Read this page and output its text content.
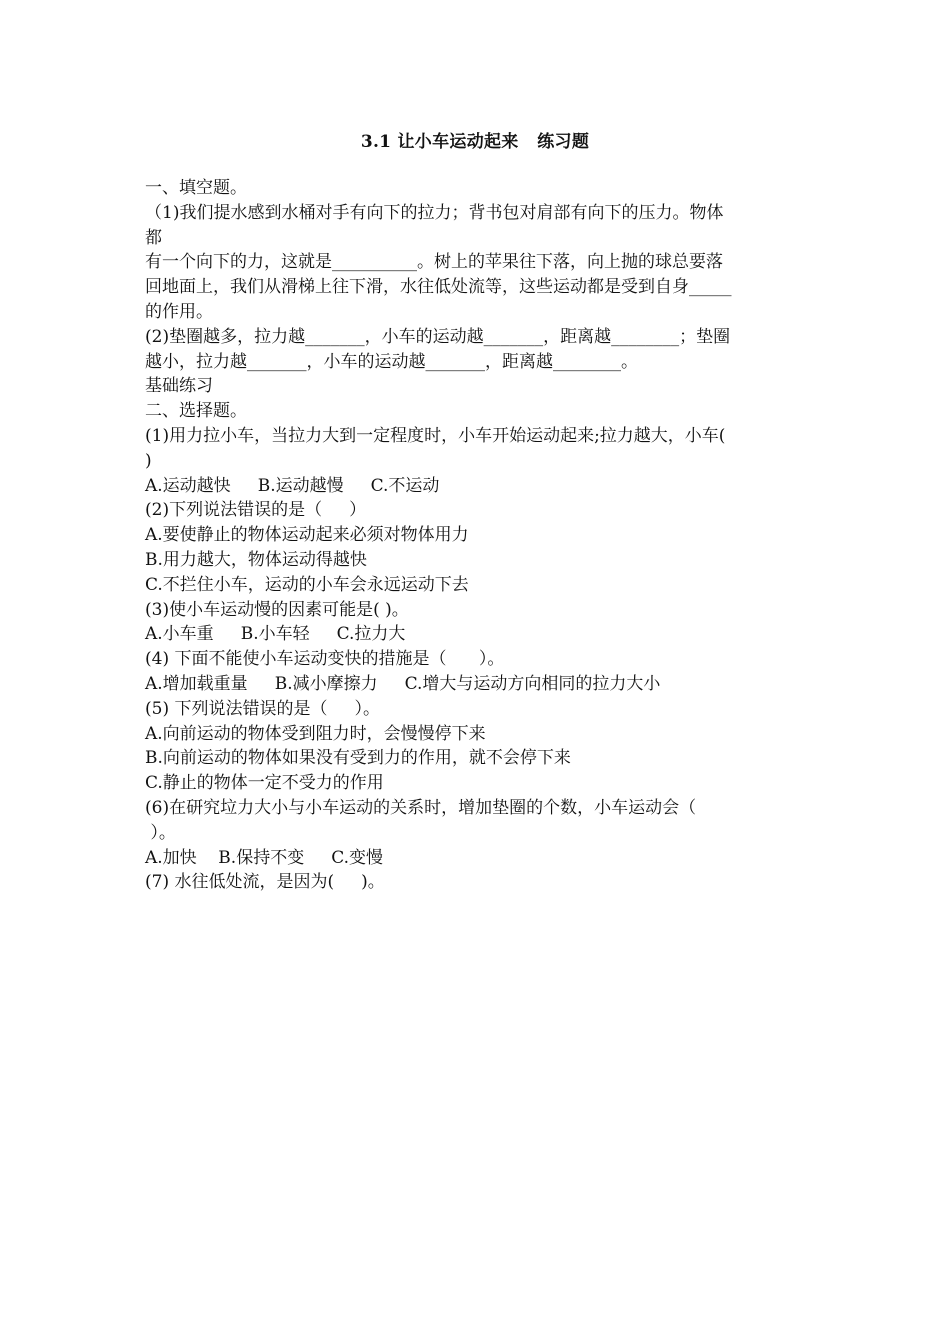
3.1 让小车运动起来   练习题
一、填空题。
（1)我们提水感到水桶对手有向下的拉力；背书包对肩部有向下的压力。物体
都
有一个向下的力，这就是__________。树上的苹果往下落，向上抛的球总要落
回地面上，我们从滑梯上往下滑，水往低处流等，这些运动都是受到自身_____
的作用。
(2)垫圈越多，拉力越_______，小车的运动越_______，距离越________；垫圈
越小，拉力越_______，小车的运动越_______，距离越________。
基础练习
二、选择题。
(1)用力拉小车，当拉力大到一定程度时，小车开始运动起来;拉力越大，小车(
)
A.运动越快     B.运动越慢     C.不运动
(2)下列说法错误的是（     ）
A.要使静止的物体运动起来必须对物体用力
B.用力越大，物体运动得越快
C.不拦住小车，运动的小车会永远运动下去
(3)使小车运动慢的因素可能是( )。
A.小车重     B.小车轻     C.拉力大
(4) 下面不能使小车运动变快的措施是（      ）。
A.增加载重量     B.减小摩擦力     C.增大与运动方向相同的拉力大小
(5) 下列说法错误的是（     ）。
A.向前运动的物体受到阻力时，会慢慢停下来
B.向前运动的物体如果没有受到力的作用，就不会停下来
C.静止的物体一定不受力的作用
(6)在研究垃力大小与小车运动的关系时，增加垫圈的个数，小车运动会（
）。
A.加快    B.保持不变     C.变慢
(7) 水往低处流，是因为(     )。
